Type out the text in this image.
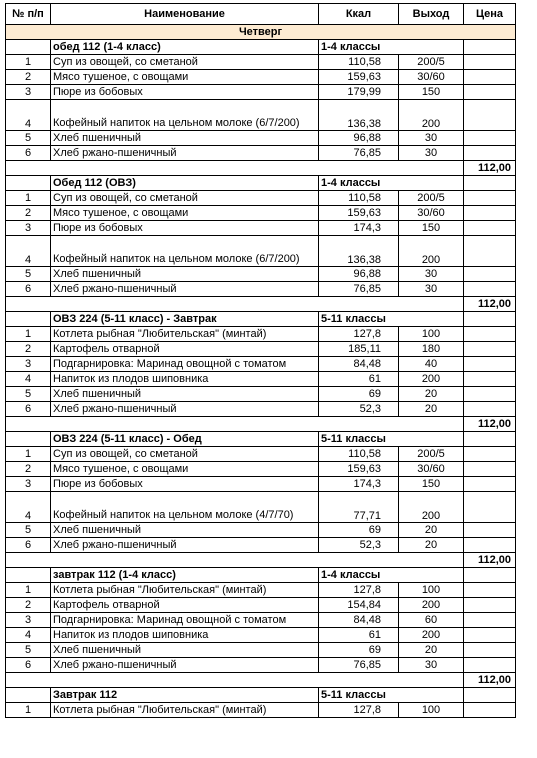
№ п/п	Наименование	Ккал	Выход	Цена
Четверг				
	обед 112 (1-4 класс)	1-4 классы		
1	Суп из овощей, со сметаной	110,58	200/5	
2	Мясо тушеное, с овощами	159,63	30/60	
3	Пюре из бобовых	179,99	150	
4	Кофейный напиток на цельном молоке (6/7/200)	136,38	200	
5	Хлеб пшеничный	96,88	30	
6	Хлеб ржано-пшеничный	76,85	30	
				112,00
	Обед 112 (ОВЗ)	1-4 классы		
1	Суп из овощей, со сметаной	110,58	200/5	
2	Мясо тушеное, с овощами	159,63	30/60	
3	Пюре из бобовых	174,3	150	
4	Кофейный напиток на цельном молоке (6/7/200)	136,38	200	
5	Хлеб пшеничный	96,88	30	
6	Хлеб ржано-пшеничный	76,85	30	
				112,00
	ОВЗ 224 (5-11 класс) - Завтрак	5-11 классы		
1	Котлета рыбная "Любительская" (минтай)	127,8	100	
2	Картофель отварной	185,11	180	
3	Подгарнировка: Маринад овощной с томатом	84,48	40	
4	Напиток из плодов шиповника	61	200	
5	Хлеб пшеничный	69	20	
6	Хлеб ржано-пшеничный	52,3	20	
				112,00
	ОВЗ 224 (5-11 класс) - Обед	5-11 классы		
1	Суп из овощей, со сметаной	110,58	200/5	
2	Мясо тушеное, с овощами	159,63	30/60	
3	Пюре из бобовых	174,3	150	
4	Кофейный напиток на цельном молоке (4/7/70)	77,71	200	
5	Хлеб пшеничный	69	20	
6	Хлеб ржано-пшеничный	52,3	20	
				112,00
	завтрак 112 (1-4 класс)	1-4 классы		
1	Котлета рыбная "Любительская" (минтай)	127,8	100	
2	Картофель отварной	154,84	200	
3	Подгарнировка: Маринад овощной с томатом	84,48	60	
4	Напиток из плодов шиповника	61	200	
5	Хлеб пшеничный	69	20	
6	Хлеб ржано-пшеничный	76,85	30	
				112,00
	Завтрак 112	5-11 классы		
1	Котлета рыбная "Любительская" (минтай)	127,8	100	
